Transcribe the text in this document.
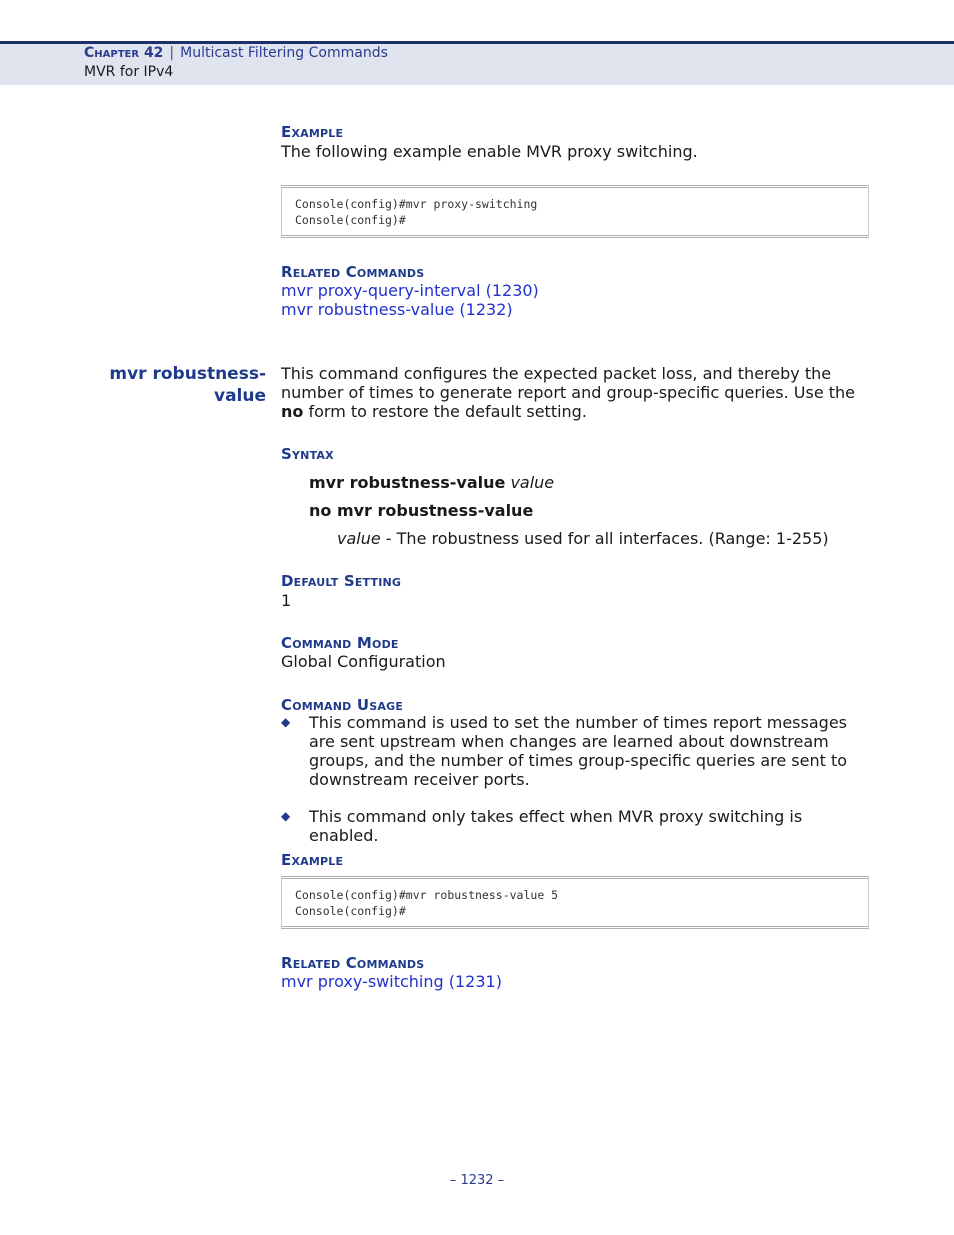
Chapter 42 | Multicast Filtering Commands
MVR for IPv4
Example
The following example enable MVR proxy switching.
Console(config)#mvr proxy-switching
Console(config)#
Related Commands
mvr proxy-query-interval (1230)
mvr robustness-value (1232)
mvr robustness-
value
This command configures the expected packet loss, and thereby the number of times to generate report and group-specific queries. Use the no form to restore the default setting.
Syntax
mvr robustness-value value
no mvr robustness-value
value - The robustness used for all interfaces. (Range: 1-255)
Default Setting
1
Command Mode
Global Configuration
Command Usage
◆ This command is used to set the number of times report messages are sent upstream when changes are learned about downstream groups, and the number of times group-specific queries are sent to downstream receiver ports.
◆ This command only takes effect when MVR proxy switching is enabled.
Example
Console(config)#mvr robustness-value 5
Console(config)#
Related Commands
mvr proxy-switching (1231)
– 1232 –
